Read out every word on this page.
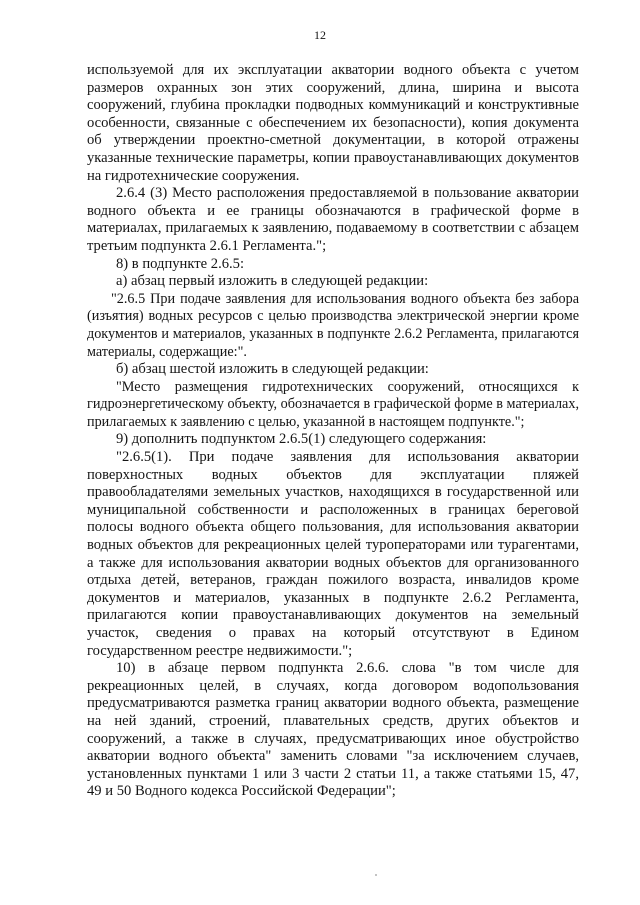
12

используемой для их эксплуатации акватории водного объекта с учетом размеров охранных зон этих сооружений, длина, ширина и высота сооружений, глубина прокладки подводных коммуникаций и конструктивные особенности, связанные с обеспечением их безопасности), копия документа об утверждении проектно-сметной документации, в которой отражены указанные технические параметры, копии правоустанавливающих документов на гидротехнические сооружения.

2.6.4 (3) Место расположения предоставляемой в пользование акватории водного объекта и ее границы обозначаются в графической форме в материалах, прилагаемых к заявлению, подаваемому в соответствии с абзацем третьим подпункта 2.6.1 Регламента.";

8) в подпункте 2.6.5:

а) абзац первый изложить в следующей редакции:

"2.6.5 При подаче заявления для использования водного объекта без забора (изъятия) водных ресурсов с целью производства электрической энергии кроме документов и материалов, указанных в подпункте 2.6.2 Регламента, прилагаются материалы, содержащие:".

б) абзац шестой изложить в следующей редакции:

"Место размещения гидротехнических сооружений, относящихся к гидроэнергетическому объекту, обозначается в графической форме в материалах, прилагаемых к заявлению с целью, указанной в настоящем подпункте.";

9) дополнить подпунктом 2.6.5(1) следующего содержания:

"2.6.5(1). При подаче заявления для использования акватории поверхностных водных объектов для эксплуатации пляжей правообладателями земельных участков, находящихся в государственной или муниципальной собственности и расположенных в границах береговой полосы водного объекта общего пользования, для использования акватории водных объектов для рекреационных целей туроператорами или турагентами, а также для использования акватории водных объектов для организованного отдыха детей, ветеранов, граждан пожилого возраста, инвалидов кроме документов и материалов, указанных в подпункте 2.6.2 Регламента, прилагаются копии правоустанавливающих документов на земельный участок, сведения о правах на который отсутствуют в Едином государственном реестре недвижимости.";

10) в абзаце первом подпункта 2.6.6. слова "в том числе для рекреационных целей, в случаях, когда договором водопользования предусматриваются разметка границ акватории водного объекта, размещение на ней зданий, строений, плавательных средств, других объектов и сооружений, а также в случаях, предусматривающих иное обустройство акватории водного объекта" заменить словами "за исключением случаев, установленных пунктами 1 или 3 части 2 статьи 11, а также статьями 15, 47, 49 и 50 Водного кодекса Российской Федерации";
